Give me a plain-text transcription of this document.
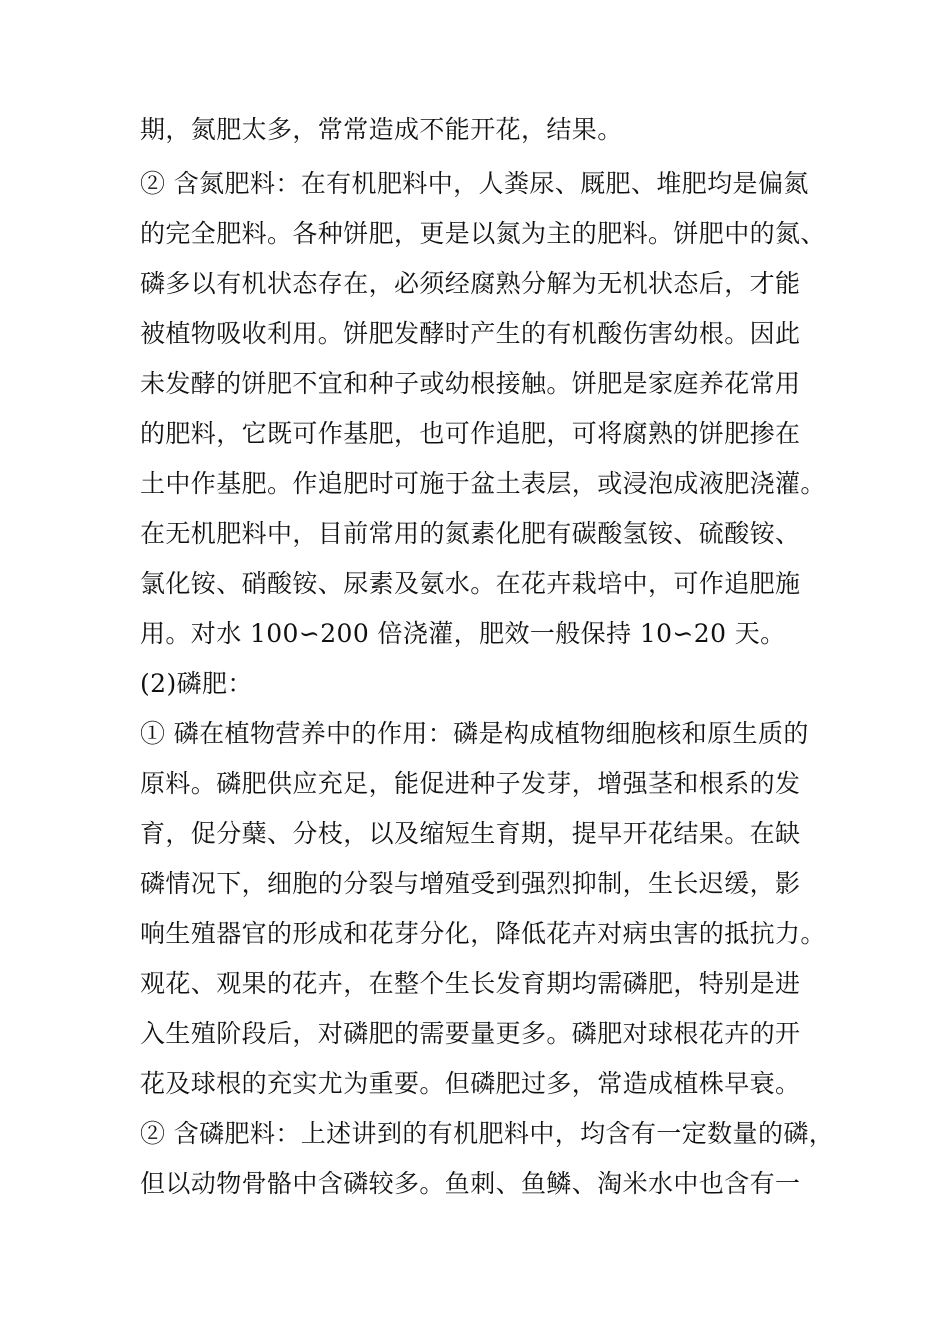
期，氮肥太多，常常造成不能开花，结果。
② 含氮肥料：在有机肥料中，人粪尿、厩肥、堆肥均是偏氮
的完全肥料。各种饼肥，更是以氮为主的肥料。饼肥中的氮、
磷多以有机状态存在，必须经腐熟分解为无机状态后，才能
被植物吸收利用。饼肥发酵时产生的有机酸伤害幼根。因此
未发酵的饼肥不宜和种子或幼根接触。饼肥是家庭养花常用
的肥料，它既可作基肥，也可作追肥，可将腐熟的饼肥掺在
土中作基肥。作追肥时可施于盆土表层，或浸泡成液肥浇灌。
在无机肥料中，目前常用的氮素化肥有碳酸氢铵、硫酸铵、
氯化铵、硝酸铵、尿素及氨水。在花卉栽培中，可作追肥施
用。对水 100∽200 倍浇灌，肥效一般保持 10∽20 天。
(2)磷肥：
① 磷在植物营养中的作用：磷是构成植物细胞核和原生质的
原料。磷肥供应充足，能促进种子发芽，增强茎和根系的发
育，促分蘖、分枝，以及缩短生育期，提早开花结果。在缺
磷情况下，细胞的分裂与增殖受到强烈抑制，生长迟缓，影
响生殖器官的形成和花芽分化，降低花卉对病虫害的抵抗力。
观花、观果的花卉，在整个生长发育期均需磷肥，特别是进
入生殖阶段后，对磷肥的需要量更多。磷肥对球根花卉的开
花及球根的充实尤为重要。但磷肥过多，常造成植株早衰。
② 含磷肥料：上述讲到的有机肥料中，均含有一定数量的磷，
但以动物骨骼中含磷较多。鱼刺、鱼鳞、淘米水中也含有一
